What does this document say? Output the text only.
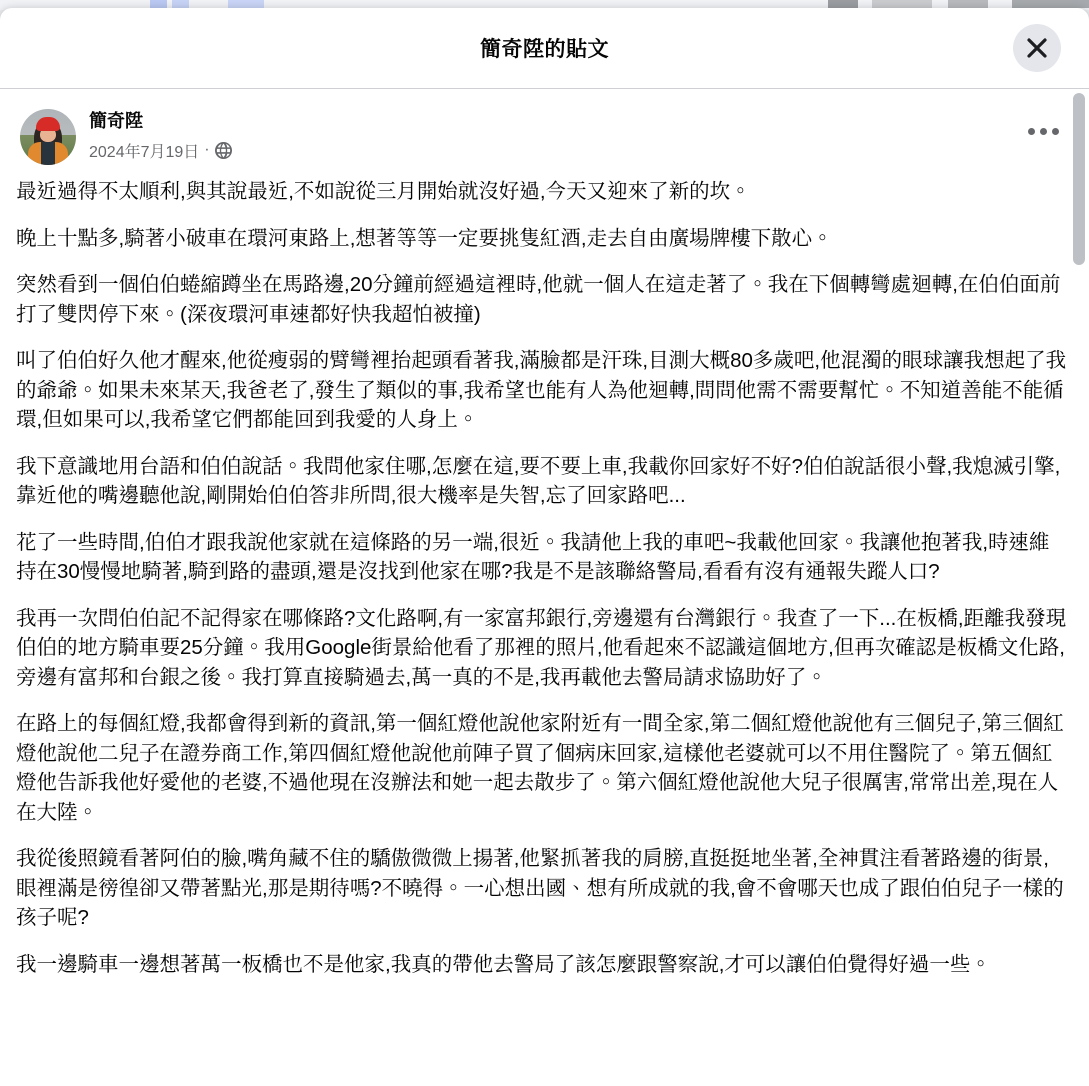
簡奇陞的貼文
簡奇陞
2024年7月19日 ·

最近過得不太順利,與其說最近,不如說從三月開始就沒好過,今天又迎來了新的坎。

晚上十點多,騎著小破車在環河東路上,想著等等一定要挑隻紅酒,走去自由廣場牌樓下散心。

突然看到一個伯伯蜷縮蹲坐在馬路邊,20分鐘前經過這裡時,他就一個人在這走著了。我在下個轉彎處迴轉,在伯伯面前打了雙閃停下來。(深夜環河車速都好快我超怕被撞)

叫了伯伯好久他才醒來,他從瘦弱的臂彎裡抬起頭看著我,滿臉都是汗珠,目測大概80多歲吧,他混濁的眼球讓我想起了我的爺爺。如果未來某天,我爸老了,發生了類似的事,我希望也能有人為他迴轉,問問他需不需要幫忙。不知道善能不能循環,但如果可以,我希望它們都能回到我愛的人身上。

我下意識地用台語和伯伯說話。我問他家住哪,怎麼在這,要不要上車,我載你回家好不好?伯伯說話很小聲,我熄滅引擎,靠近他的嘴邊聽他說,剛開始伯伯答非所問,很大機率是失智,忘了回家路吧...

花了一些時間,伯伯才跟我說他家就在這條路的另一端,很近。我請他上我的車吧~我載他回家。我讓他抱著我,時速維持在30慢慢地騎著,騎到路的盡頭,還是沒找到他家在哪?我是不是該聯絡警局,看看有沒有通報失蹤人口?

我再一次問伯伯記不記得家在哪條路?文化路啊,有一家富邦銀行,旁邊還有台灣銀行。我查了一下...在板橋,距離我發現伯伯的地方騎車要25分鐘。我用Google街景給他看了那裡的照片,他看起來不認識這個地方,但再次確認是板橋文化路,旁邊有富邦和台銀之後。我打算直接騎過去,萬一真的不是,我再載他去警局請求協助好了。

在路上的每個紅燈,我都會得到新的資訊,第一個紅燈他說他家附近有一間全家,第二個紅燈他說他有三個兒子,第三個紅燈他說他二兒子在證券商工作,第四個紅燈他說他前陣子買了個病床回家,這樣他老婆就可以不用住醫院了。第五個紅燈他告訴我他好愛他的老婆,不過他現在沒辦法和她一起去散步了。第六個紅燈他說他大兒子很厲害,常常出差,現在人在大陸。

我從後照鏡看著阿伯的臉,嘴角藏不住的驕傲微微上揚著,他緊抓著我的肩膀,直挺挺地坐著,全神貫注看著路邊的街景,眼裡滿是徬徨卻又帶著點光,那是期待嗎?不曉得。一心想出國、想有所成就的我,會不會哪天也成了跟伯伯兒子一樣的孩子呢?

我一邊騎車一邊想著萬一板橋也不是他家,我真的帶他去警局了該怎麼跟警察說,才可以讓伯伯覺得好過一些。
